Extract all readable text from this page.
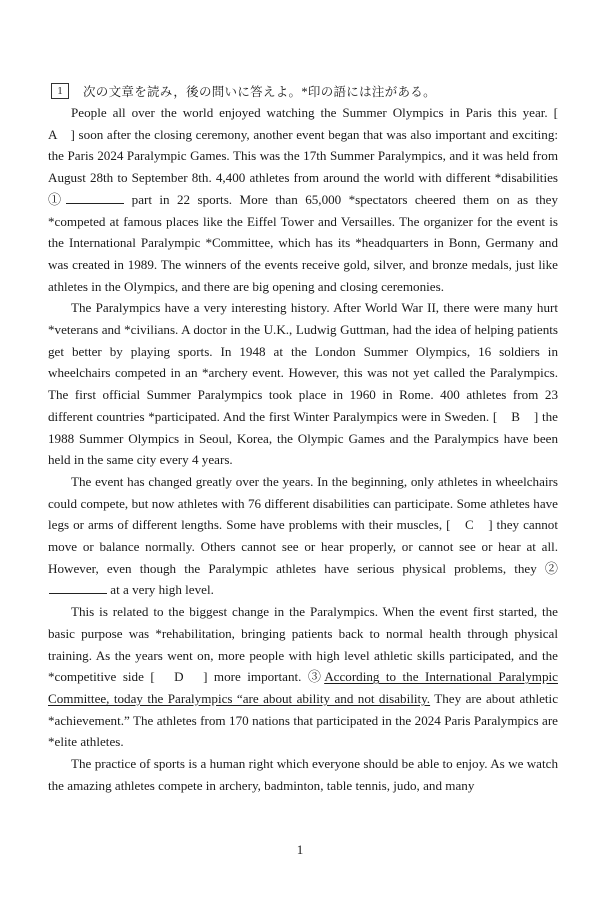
1	次の文章を読み，後の問いに答えよ。*印の語には注がある。

People all over the world enjoyed watching the Summer Olympics in Paris this year. [　A　] soon after the closing ceremony, another event began that was also important and exciting: the Paris 2024 Paralympic Games. This was the 17th Summer Paralympics, and it was held from August 28th to September 8th. 4,400 athletes from around the world with different *disabilities ①	part in 22 sports. More than 65,000 *spectators cheered them on as they *competed at famous places like the Eiffel Tower and Versailles. The organizer for the event is the International Paralympic *Committee, which has its *headquarters in Bonn, Germany and was created in 1989. The winners of the events receive gold, silver, and bronze medals, just like athletes in the Olympics, and there are big opening and closing ceremonies.

The Paralympics have a very interesting history. After World War II, there were many hurt *veterans and *civilians. A doctor in the U.K., Ludwig Guttman, had the idea of helping patients get better by playing sports. In 1948 at the London Summer Olympics, 16 soldiers in wheelchairs competed in an *archery event. However, this was not yet called the Paralympics. The first official Summer Paralympics took place in 1960 in Rome. 400 athletes from 23 different countries *participated. And the first Winter Paralympics were in Sweden. [　B　] the 1988 Summer Olympics in Seoul, Korea, the Olympic Games and the Paralympics have been held in the same city every 4 years.

The event has changed greatly over the years. In the beginning, only athletes in wheelchairs could compete, but now athletes with 76 different disabilities can participate. Some athletes have legs or arms of different lengths. Some have problems with their muscles, [　C　] they cannot move or balance normally. Others cannot see or hear properly, or cannot see or hear at all. However, even though the Paralympic athletes have serious physical problems, they ② at a very high level.

This is related to the biggest change in the Paralympics. When the event first started, the basic purpose was *rehabilitation, bringing patients back to normal health through physical training. As the years went on, more people with high level athletic skills participated, and the *competitive side [　D　] more important. ③According to the International Paralympic Committee, today the Paralympics “are about ability and not disability. They are about athletic *achievement.” The athletes from 170 nations that participated in the 2024 Paris Paralympics are *elite athletes.

The practice of sports is a human right which everyone should be able to enjoy. As we watch the amazing athletes compete in archery, badminton, table tennis, judo, and many

1
